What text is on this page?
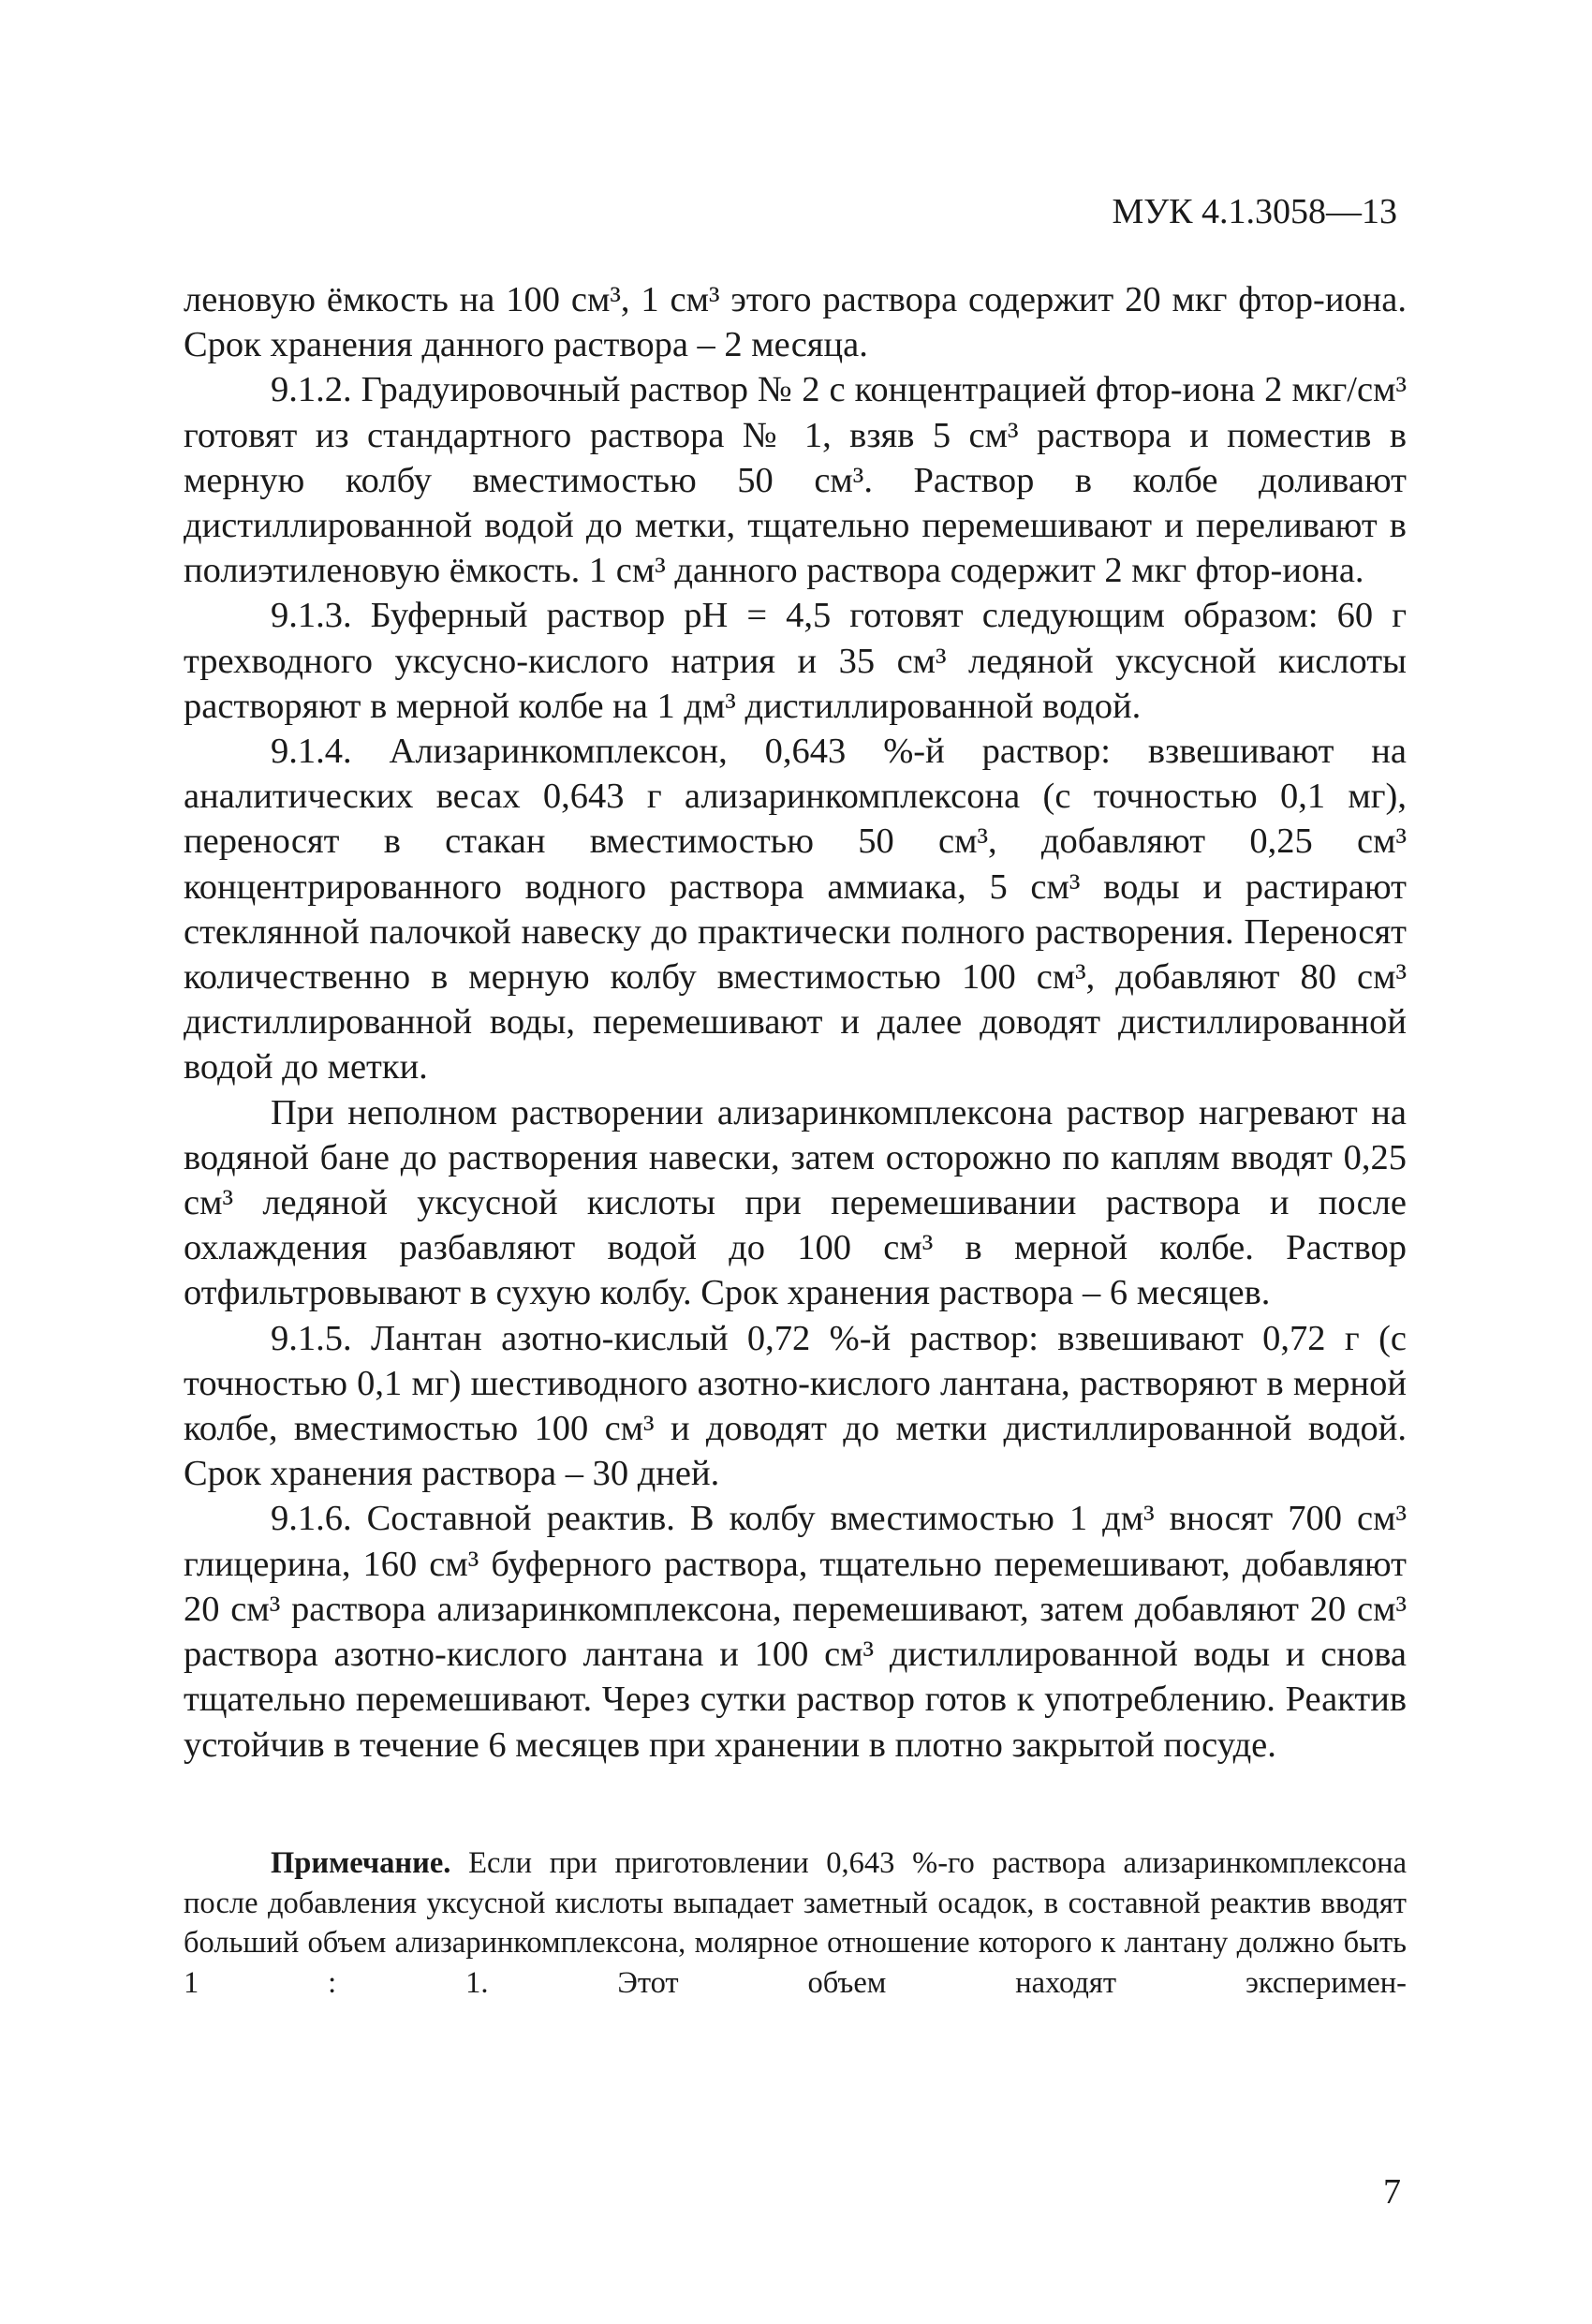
МУК 4.1.3058—13

леновую ёмкость на 100 см³, 1 см³ этого раствора содержит 20 мкг фтор-иона. Срок хранения данного раствора – 2 месяца.

9.1.2. Градуировочный раствор № 2 с концентрацией фтор-иона 2 мкг/см³ готовят из стандартного раствора № 1, взяв 5 см³ раствора и поместив в мерную колбу вместимостью 50 см³. Раствор в колбе доливают дистиллированной водой до метки, тщательно перемешивают и переливают в полиэтиленовую ёмкость. 1 см³ данного раствора содержит 2 мкг фтор-иона.

9.1.3. Буферный раствор pH = 4,5 готовят следующим образом: 60 г трехводного уксусно-кислого натрия и 35 см³ ледяной уксусной кислоты растворяют в мерной колбе на 1 дм³ дистиллированной водой.

9.1.4. Ализаринкомплексон, 0,643 %-й раствор: взвешивают на аналитических весах 0,643 г ализаринкомплексона (с точностью 0,1 мг), переносят в стакан вместимостью 50 см³, добавляют 0,25 см³ концентрированного водного раствора аммиака, 5 см³ воды и растирают стеклянной палочкой навеску до практически полного растворения. Переносят количественно в мерную колбу вместимостью 100 см³, добавляют 80 см³ дистиллированной воды, перемешивают и далее доводят дистиллированной водой до метки.

При неполном растворении ализаринкомплексона раствор нагревают на водяной бане до растворения навески, затем осторожно по каплям вводят 0,25 см³ ледяной уксусной кислоты при перемешивании раствора и после охлаждения разбавляют водой до 100 см³ в мерной колбе. Раствор отфильтровывают в сухую колбу. Срок хранения раствора – 6 месяцев.

9.1.5. Лантан азотно-кислый 0,72 %-й раствор: взвешивают 0,72 г (с точностью 0,1 мг) шестиводного азотно-кислого лантана, растворяют в мерной колбе, вместимостью 100 см³ и доводят до метки дистиллированной водой. Срок хранения раствора – 30 дней.

9.1.6. Составной реактив. В колбу вместимостью 1 дм³ вносят 700 см³ глицерина, 160 см³ буферного раствора, тщательно перемешивают, добавляют 20 см³ раствора ализаринкомплексона, перемешивают, затем добавляют 20 см³ раствора азотно-кислого лантана и 100 см³ дистиллированной воды и снова тщательно перемешивают. Через сутки раствор готов к употреблению. Реактив устойчив в течение 6 месяцев при хранении в плотно закрытой посуде.

Примечание. Если при приготовлении 0,643 %-го раствора ализаринкомплексона после добавления уксусной кислоты выпадает заметный осадок, в составной реактив вводят больший объем ализаринкомплексона, молярное отношение которого к лантану должно быть 1 : 1. Этот объем находят эксперимен-

7
